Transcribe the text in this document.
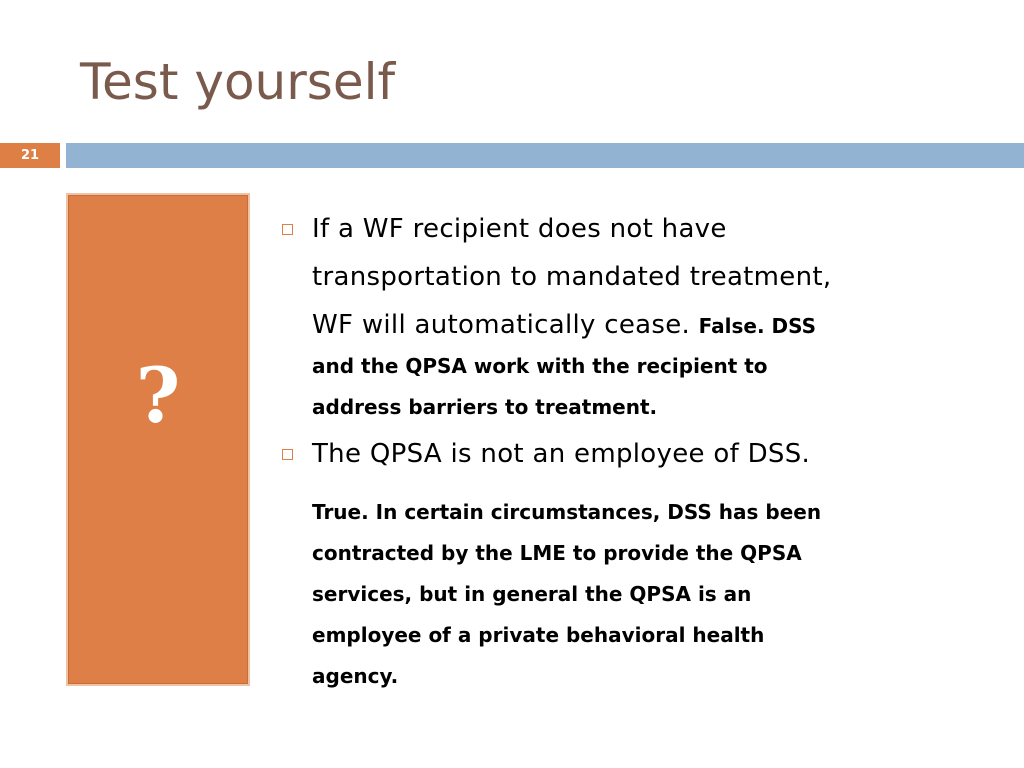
Test yourself
21
?
If a WF recipient does not have
transportation to mandated treatment,
WF will automatically cease. False. DSS
and the QPSA work with the recipient to
address barriers to treatment.
The QPSA is not an employee of DSS.
True. In certain circumstances, DSS has been
contracted by the LME to provide the QPSA
services, but in general the QPSA is an
employee of a private behavioral health
agency.
